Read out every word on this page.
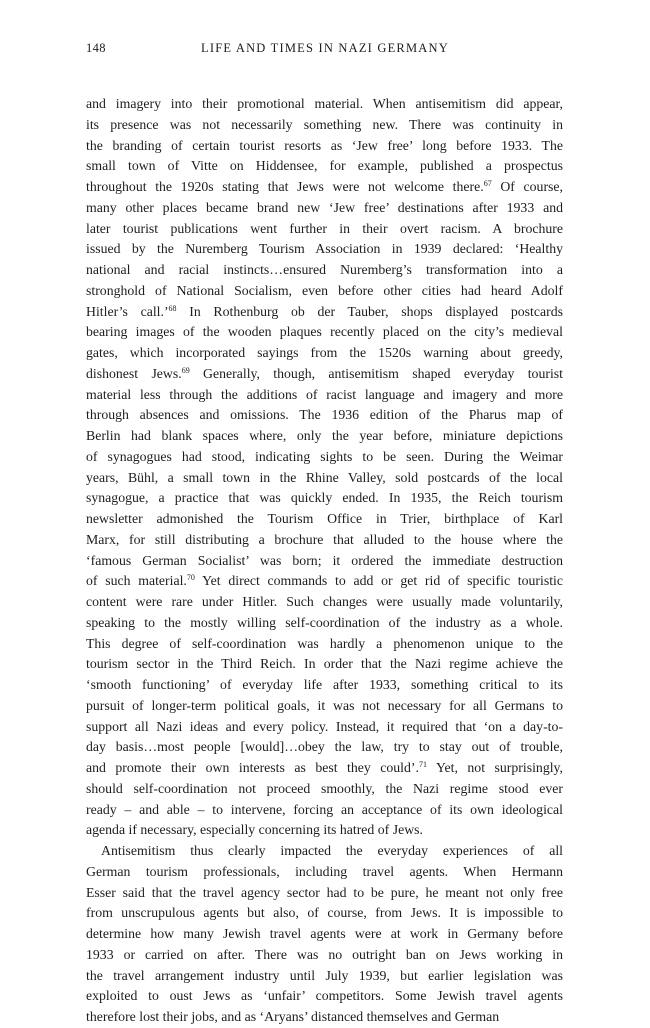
148	LIFE AND TIMES IN NAZI GERMANY
and imagery into their promotional material. When antisemitism did appear,
its presence was not necessarily something new. There was continuity in
the branding of certain tourist resorts as ‘Jew free’ long before 1933. The
small town of Vitte on Hiddensee, for example, published a prospectus
throughout the 1920s stating that Jews were not welcome there.$^{67}$ Of course,
many other places became brand new ‘Jew free’ destinations after 1933 and
later tourist publications went further in their overt racism. A brochure
issued by the Nuremberg Tourism Association in 1939 declared: ‘Healthy
national and racial instincts…ensured Nuremberg’s transformation into a
stronghold of National Socialism, even before other cities had heard Adolf
Hitler’s call.’$^{68}$ In Rothenburg ob der Tauber, shops displayed postcards
bearing images of the wooden plaques recently placed on the city’s medieval
gates, which incorporated sayings from the 1520s warning about greedy,
dishonest Jews.$^{69}$ Generally, though, antisemitism shaped everyday tourist
material less through the additions of racist language and imagery and more
through absences and omissions. The 1936 edition of the Pharus map of
Berlin had blank spaces where, only the year before, miniature depictions
of synagogues had stood, indicating sights to be seen. During the Weimar
years, Bühl, a small town in the Rhine Valley, sold postcards of the local
synagogue, a practice that was quickly ended. In 1935, the Reich tourism
newsletter admonished the Tourism Office in Trier, birthplace of Karl
Marx, for still distributing a brochure that alluded to the house where the
‘famous German Socialist’ was born; it ordered the immediate destruction
of such material.$^{70}$ Yet direct commands to add or get rid of specific touristic
content were rare under Hitler. Such changes were usually made voluntarily,
speaking to the mostly willing self-coordination of the industry as a whole.
This degree of self-coordination was hardly a phenomenon unique to the
tourism sector in the Third Reich. In order that the Nazi regime achieve the
‘smooth functioning’ of everyday life after 1933, something critical to its
pursuit of longer-term political goals, it was not necessary for all Germans to
support all Nazi ideas and every policy. Instead, it required that ‘on a day-to-
day basis…most people [would]…obey the law, try to stay out of trouble,
and promote their own interests as best they could’.$^{71}$ Yet, not surprisingly,
should self-coordination not proceed smoothly, the Nazi regime stood ever
ready – and able – to intervene, forcing an acceptance of its own ideological
agenda if necessary, especially concerning its hatred of Jews.
Antisemitism thus clearly impacted the everyday experiences of all
German tourism professionals, including travel agents. When Hermann
Esser said that the travel agency sector had to be pure, he meant not only free
from unscrupulous agents but also, of course, from Jews. It is impossible to
determine how many Jewish travel agents were at work in Germany before
1933 or carried on after. There was no outright ban on Jews working in
the travel arrangement industry until July 1939, but earlier legislation was
exploited to oust Jews as ‘unfair’ competitors. Some Jewish travel agents
therefore lost their jobs, and as ‘Aryans’ distanced themselves and German
